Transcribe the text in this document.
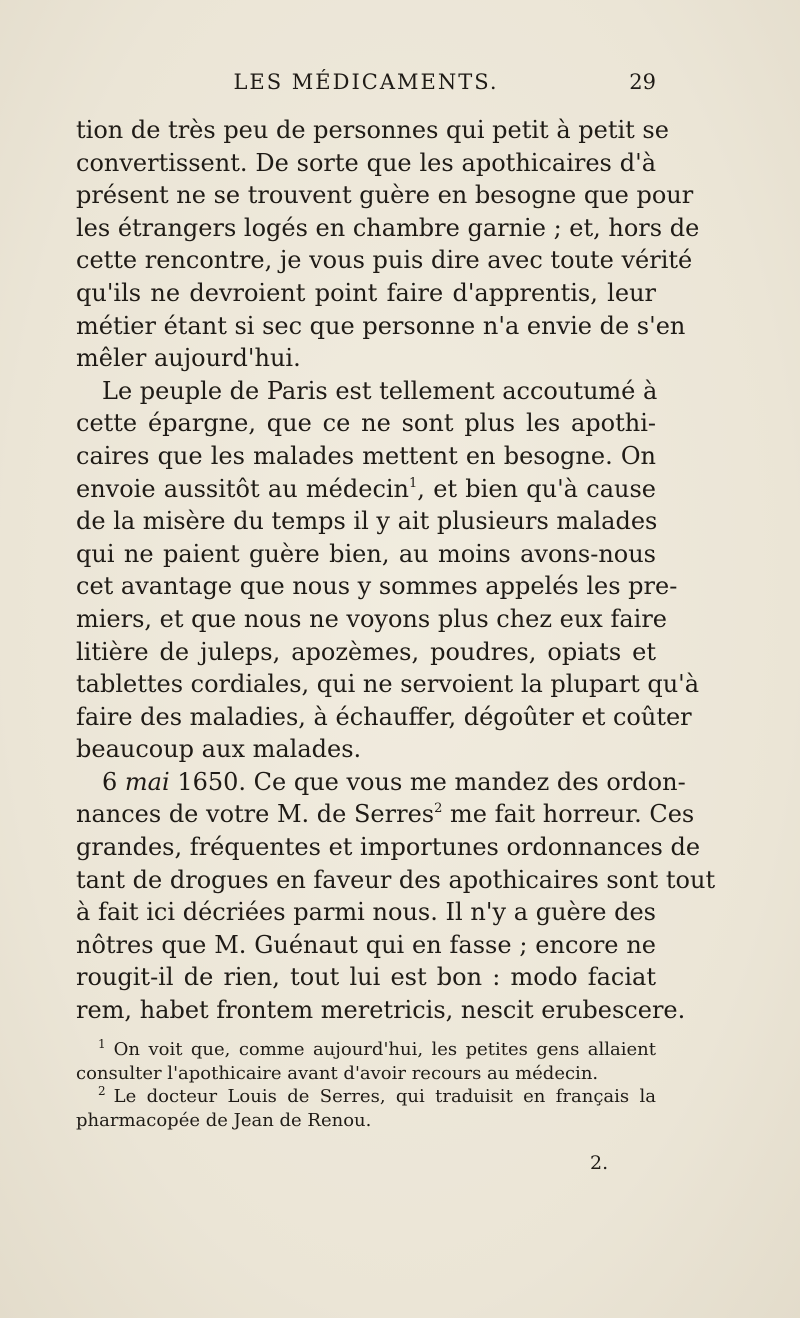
LES MÉDICAMENTS.	29
tion de très peu de personnes qui petit à petit se
convertissent. De sorte que les apothicaires d'à
présent ne se trouvent guère en besogne que pour
les étrangers logés en chambre garnie ; et, hors de
cette rencontre, je vous puis dire avec toute vérité
qu'ils ne devroient point faire d'apprentis, leur
métier étant si sec que personne n'a envie de s'en
mêler aujourd'hui.
Le peuple de Paris est tellement accoutumé à
cette épargne, que ce ne sont plus les apothi-
caires que les malades mettent en besogne. On
envoie aussitôt au médecin$^1$, et bien qu'à cause
de la misère du temps il y ait plusieurs malades
qui ne paient guère bien, au moins avons-nous
cet avantage que nous y sommes appelés les pre-
miers, et que nous ne voyons plus chez eux faire
litière de juleps, apozèmes, poudres, opiats et
tablettes cordiales, qui ne servoient la plupart qu'à
faire des maladies, à échauffer, dégoûter et coûter
beaucoup aux malades.
6 mai 1650. Ce que vous me mandez des ordon-
nances de votre M. de Serres$^2$ me fait horreur. Ces
grandes, fréquentes et importunes ordonnances de
tant de drogues en faveur des apothicaires sont tout
à fait ici décriées parmi nous. Il n'y a guère des
nôtres que M. Guénaut qui en fasse ; encore ne
rougit-il de rien, tout lui est bon : modo faciat
rem, habet frontem meretricis, nescit erubescere.
$^1$ On voit que, comme aujourd'hui, les petites gens allaient
consulter l'apothicaire avant d'avoir recours au médecin.
$^2$ Le docteur Louis de Serres, qui traduisit en français la
pharmacopée de Jean de Renou.
2.
